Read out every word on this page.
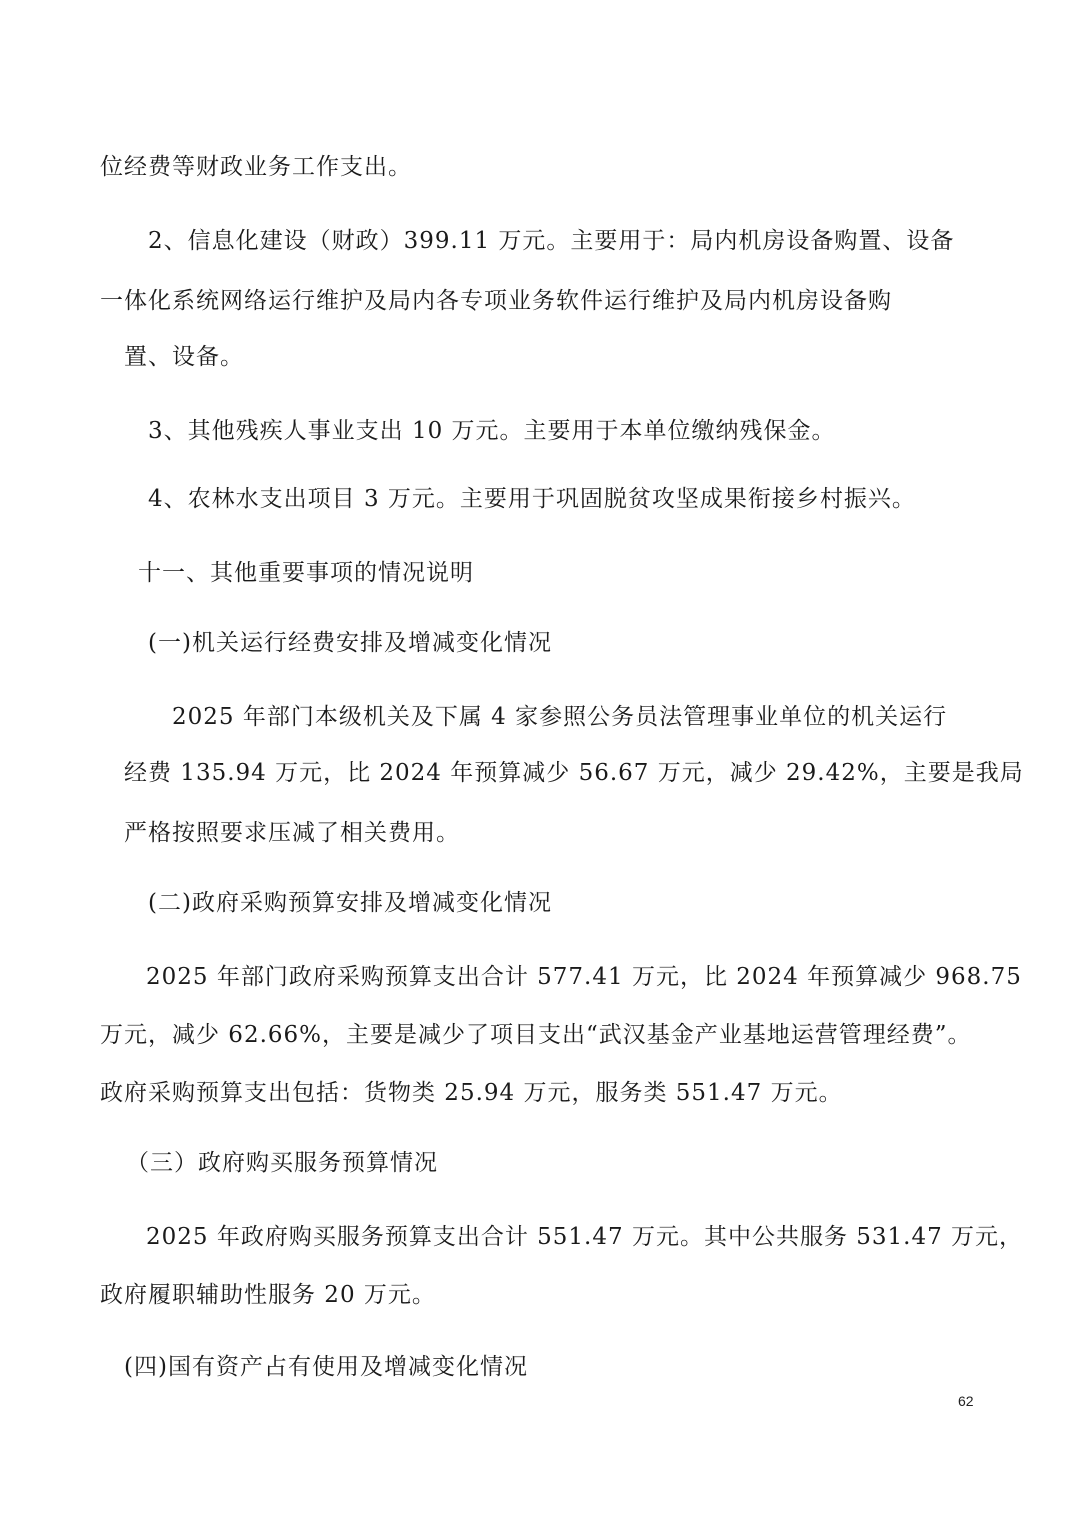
位经费等财政业务工作支出。
2、信息化建设（财政）399.11 万元。主要用于：局内机房设备购置、设备
一体化系统网络运行维护及局内各专项业务软件运行维护及局内机房设备购
置、设备。
3、其他残疾人事业支出 10 万元。主要用于本单位缴纳残保金。
4、农林水支出项目 3 万元。主要用于巩固脱贫攻坚成果衔接乡村振兴。
十一、其他重要事项的情况说明
(一)机关运行经费安排及增减变化情况
2025 年部门本级机关及下属 4 家参照公务员法管理事业单位的机关运行
经费 135.94 万元，比 2024 年预算减少 56.67 万元，减少 29.42%，主要是我局
严格按照要求压减了相关费用。
(二)政府采购预算安排及增减变化情况
2025 年部门政府采购预算支出合计 577.41 万元，比 2024 年预算减少 968.75
万元，减少 62.66%，主要是减少了项目支出“武汉基金产业基地运营管理经费”。
政府采购预算支出包括：货物类 25.94 万元，服务类 551.47 万元。
（三）政府购买服务预算情况
2025 年政府购买服务预算支出合计 551.47 万元。其中公共服务 531.47 万元，
政府履职辅助性服务 20 万元。
(四)国有资产占有使用及增减变化情况
62
